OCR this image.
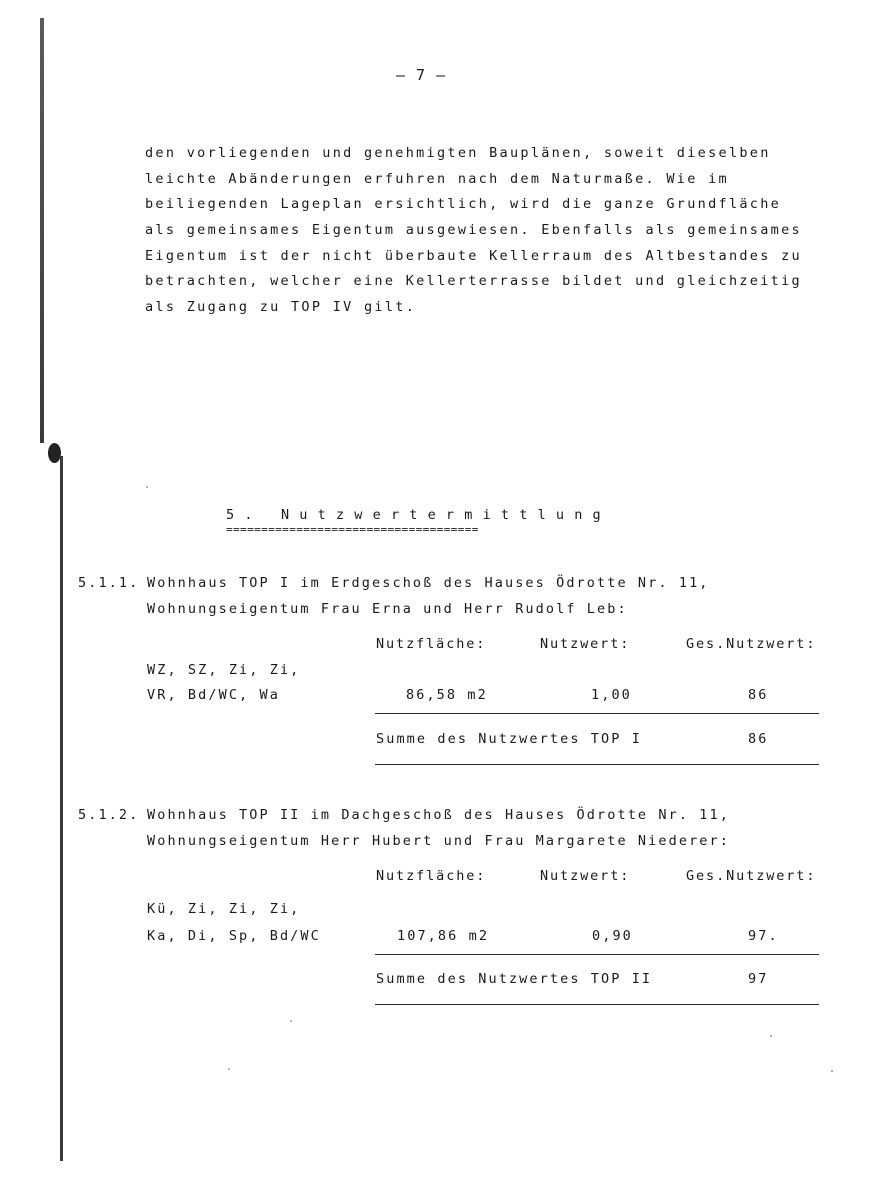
– 7 –
den vorliegenden und genehmigten Bauplänen, soweit dieselben
leichte Abänderungen erfuhren nach dem Naturmaße. Wie im
beiliegenden Lageplan ersichtlich, wird die ganze Grundfläche
als gemeinsames Eigentum ausgewiesen. Ebenfalls als gemeinsames
Eigentum ist der nicht überbaute Kellerraum des Altbestandes zu
betrachten, welcher eine Kellerterrasse bildet und gleichzeitig
als Zugang zu TOP IV gilt.
5. Nutzwertermittlung
====================================
5.1.1. Wohnhaus TOP I im Erdgeschoß des Hauses Ödrotte Nr. 11,
Wohnungseigentum Frau Erna und Herr Rudolf Leb:
Nutzfläche:	Nutzwert:	Ges.Nutzwert:
WZ, SZ, Zi, Zi,
VR, Bd/WC, Wa	86,58 m2	1,00	86
Summe des Nutzwertes TOP I	86
5.1.2. Wohnhaus TOP II im Dachgeschoß des Hauses Ödrotte Nr. 11,
Wohnungseigentum Herr Hubert und Frau Margarete Niederer:
Nutzfläche:	Nutzwert:	Ges.Nutzwert:
Kü, Zi, Zi, Zi,
Ka, Di, Sp, Bd/WC	107,86 m2	0,90	97.
Summe des Nutzwertes TOP II	97
